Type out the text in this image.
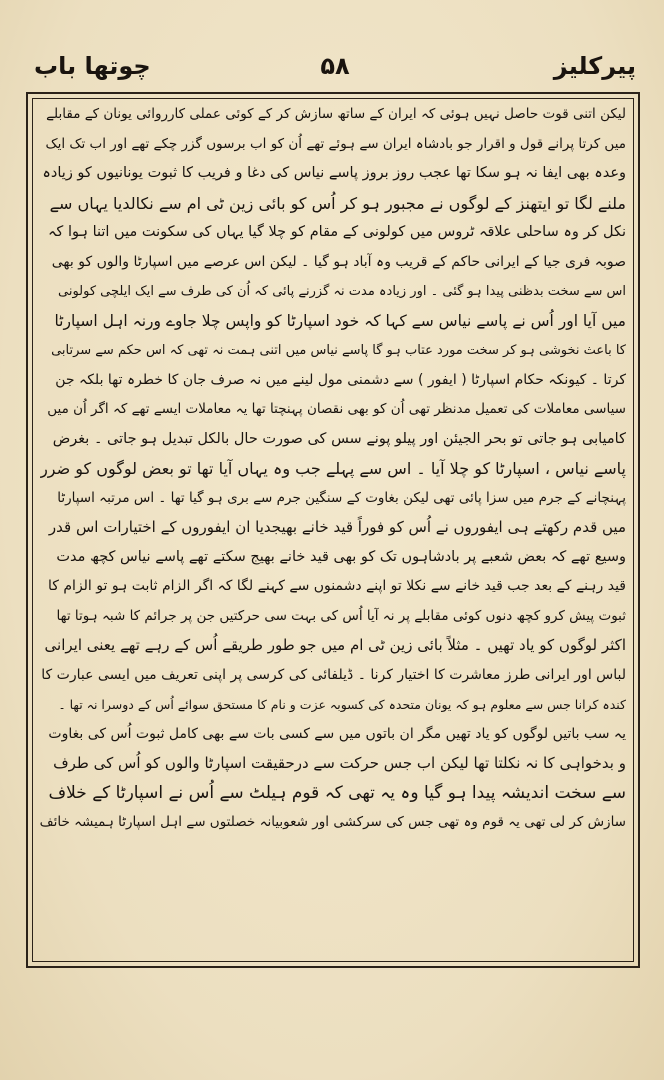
پیرکلیز
۵۸
چوتھا باب
لیکن اتنی قوت حاصل نہیں ہوئی کہ ایران کے ساتھ سازش کر کے کوئی عملی کارروائی یونان کے مقابلے
میں کرتا پرانے قول و اقرار جو بادشاہ ایران سے ہوئے تھے اُن کو اب برسوں گزر چکے تھے اور اب تک ایک
وعدہ بھی ایفا نہ ہو سکا تھا عجب روز بروز پاسے نیاس کی دغا و فریب کا ثبوت یونانیوں کو زیادہ
ملنے لگا تو ایتھنز کے لوگوں نے مجبور ہو کر اُس کو بائی زین ٹی ام سے نکالدیا یہاں سے
نکل کر وہ ساحلی علاقہ ٹروس میں کولونی کے مقام کو چلا گیا یہاں کی سکونت میں اتنا ہوا کہ
صوبہ فری جیا کے ایرانی حاکم کے قریب وہ آباد ہو گیا ۔ لیکن اس عرصے میں اسپارٹا والوں کو بھی
اس سے سخت بدظنی پیدا ہو گئی ۔ اور زیادہ مدت نہ گزرنے پائی کہ اُن کی طرف سے ایک ایلچی کولونی
میں آیا اور اُس نے پاسے نیاس سے کہا کہ خود اسپارٹا کو واپس چلا جاوے ورنہ اہل اسپارٹا
کا باعث نخوشی ہو کر سخت مورد عتاب ہو گا پاسے نیاس میں اتنی ہمت نہ تھی کہ اس حکم سے سرتابی
کرتا ۔ کیونکہ حکام اسپارٹا ( ایفور ) سے دشمنی مول لینے میں نہ صرف جان کا خطرہ تھا بلکہ جن
سیاسی معاملات کی تعمیل مدنظر تھی اُن کو بھی نقصان پہنچتا تھا یہ معاملات ایسے تھے کہ اگر اُن میں
کامیابی ہو جاتی تو بحر الجیئن اور پیلو پونے سس کی صورت حال بالکل تبدیل ہو جاتی ۔ بغرض
پاسے نیاس ، اسپارٹا کو چلا آیا ۔ اس سے پہلے جب وہ یہاں آیا تھا تو بعض لوگوں کو ضرر
پہنچانے کے جرم میں سزا پائی تھی لیکن بغاوت کے سنگین جرم سے بری ہو گیا تھا ۔ اس مرتبہ اسپارٹا
میں قدم رکھتے ہی ایفوروں نے اُس کو فوراً قید خانے بھیجدیا ان ایفوروں کے اختیارات اس قدر
وسیع تھے کہ بعض شعبے پر بادشاہوں تک کو بھی قید خانے بھیج سکتے تھے پاسے نیاس کچھ مدت
قید رہنے کے بعد جب قید خانے سے نکلا تو اپنے دشمنوں سے کہنے لگا کہ اگر الزام ثابت ہو تو الزام کا
ثبوت پیش کرو کچھ دنوں کوئی مقابلے پر نہ آیا اُس کی بہت سی حرکتیں جن پر جرائم کا شبہ ہوتا تھا
اکثر لوگوں کو یاد تھیں ۔ مثلاً بائی زین ٹی ام میں جو طور طریقے اُس کے رہے تھے یعنی ایرانی
لباس اور ایرانی طرز معاشرت کا اختیار کرنا ۔ ڈیلفائی کی کرسی پر اپنی تعریف میں ایسی عبارت کا
کندہ کرانا جس سے معلوم ہو کہ یونان متحدہ کی کسوبہ عزت و نام کا مستحق سوائے اُس کے دوسرا نہ تھا ۔
یہ سب باتیں لوگوں کو یاد تھیں مگر ان باتوں میں سے کسی بات سے بھی کامل ثبوت اُس کی بغاوت
و بدخواہی کا نہ نکلتا تھا لیکن اب جس حرکت سے درحقیقت اسپارٹا والوں کو اُس کی طرف
سے سخت اندیشہ پیدا ہو گیا وہ یہ تھی کہ قوم ہیلٹ سے اُس نے اسپارٹا کے خلاف
سازش کر لی تھی یہ قوم وہ تھی جس کی سرکشی اور شعوبیانہ خصلتوں سے اہل اسپارٹا ہمیشہ خائف
